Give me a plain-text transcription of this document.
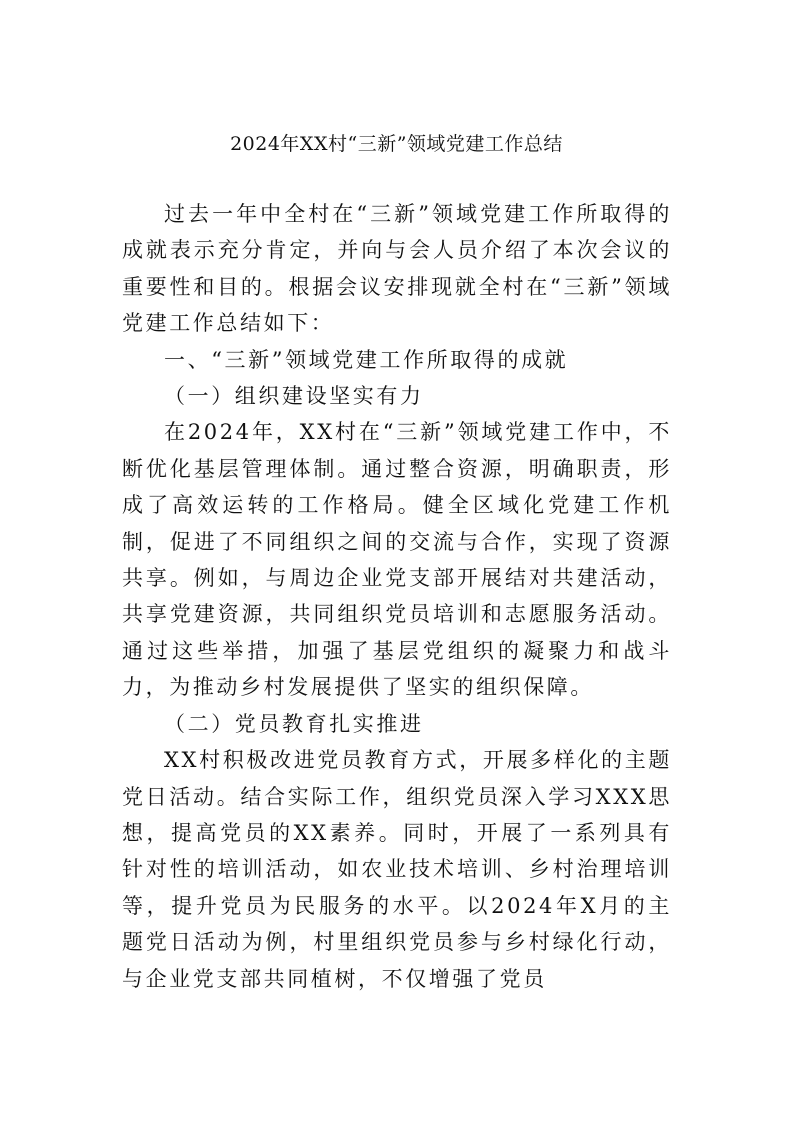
2024年XX村“三新”领域党建工作总结

过去一年中全村在“三新”领域党建工作所取得的成就表示充分肯定，并向与会人员介绍了本次会议的重要性和目的。根据会议安排现就全村在“三新”领域党建工作总结如下：

一、“三新”领域党建工作所取得的成就

（一）组织建设坚实有力

在2024年，XX村在“三新”领域党建工作中，不断优化基层管理体制。通过整合资源，明确职责，形成了高效运转的工作格局。健全区域化党建工作机制，促进了不同组织之间的交流与合作，实现了资源共享。例如，与周边企业党支部开展结对共建活动，共享党建资源，共同组织党员培训和志愿服务活动。通过这些举措，加强了基层党组织的凝聚力和战斗力，为推动乡村发展提供了坚实的组织保障。

（二）党员教育扎实推进

XX村积极改进党员教育方式，开展多样化的主题党日活动。结合实际工作，组织党员深入学习XXX思想，提高党员的XX素养。同时，开展了一系列具有针对性的培训活动，如农业技术培训、乡村治理培训等，提升党员为民服务的水平。以2024年X月的主题党日活动为例，村里组织党员参与乡村绿化行动，与企业党支部共同植树，不仅增强了党员
